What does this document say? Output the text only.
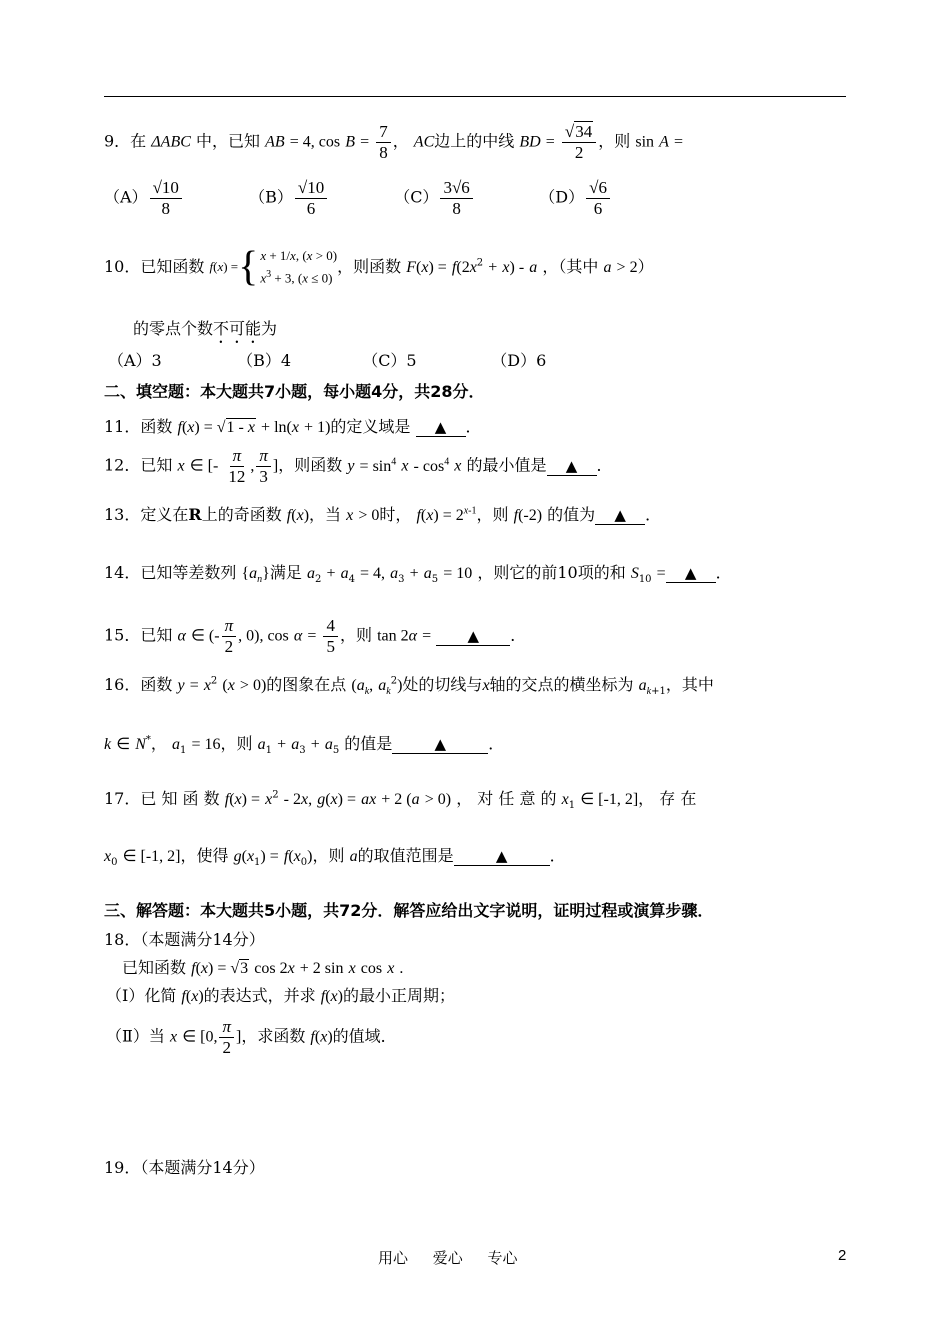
9．在 ΔABC 中，已知 AB = 4, $\cos B = \frac{7}{8}$ ， AC边上的中线 BD = $\frac{√34}{2}$ ，则 sin A =
$(A) \frac{√10}{8}$	$(B) \frac{√10}{6}$	$(C) \frac{3√6}{8}$	$(D) \frac{√6}{6}$
10．已知函数 f ( x ) = { x + 1/x, (x > 0)
$x^3 + 3$, (x ≤ 0)
，则函数 $F(x) = f(2x^2 + x) - a$ ，（其中 a > 2）
的零点个数不可能为
（A）3	（B）4	（C）5	（D）6
二、填空题：本大题共7小题，每小题4分，共28分．
11．函数 f(x) = √1 - x + ln(x + 1)的定义域是 ▲ ．
12．已知 x ∈ [- $\frac{\pi}{12}$ , $\frac{\pi}{3}$ ]，则函数 $y = \sin^4 x - \cos^4 x$ 的最小值是 ▲ ．
13．定义在R上的奇函数 f(x)，当 x > 0时， $f(x) = 2^{x-1}$，则 f(-2) 的值为 ▲ ．
14．已知等差数列 $\{a_n\}$满足 $a_2 + a_4 = 4$, $a_3 + a_5 = 10$ ，则它的前10项的和 $S_{10}$ = ▲ ．
15．已知 α ∈ (- $\frac{\pi}{2}$ , 0), $\cos \alpha = \frac{4}{5}$ ，则 tan 2α = ▲ ．
16．函数 $y = x^2$ (x > 0)的图象在点 ($a_k$, $a_k^2$)处的切线与x轴的交点的横坐标为 $a_{k+1}$，其中
k ∈ N*， $a_1 = 16$，则 $a_1 + a_3 + a_5$ 的值是	▲	．
17．已 知 函 数 $f(x) = x^2 - 2x$, g(x) = ax + 2 (a > 0) ， 对 任 意 的 $x_1$ ∈ [-1, 2]， 存 在
$x_0$ ∈ [-1, 2]，使得 $g(x_1) = f(x_0)$，则 a的取值范围是	▲	．
三、解答题：本大题共5小题，共72分．解答应给出文字说明，证明过程或演算步骤．
18．（本题满分14分）
已知函数 f(x) = √3 cos 2x + 2 sin x cos x .
（Ⅰ）化简 f(x)的表达式，并求 f(x)的最小正周期；
（Ⅱ）当 x ∈ [0, $\frac{\pi}{2}$ ]，求函数 f(x)的值域．
19．（本题满分14分）
用心 爱心 专心	2
